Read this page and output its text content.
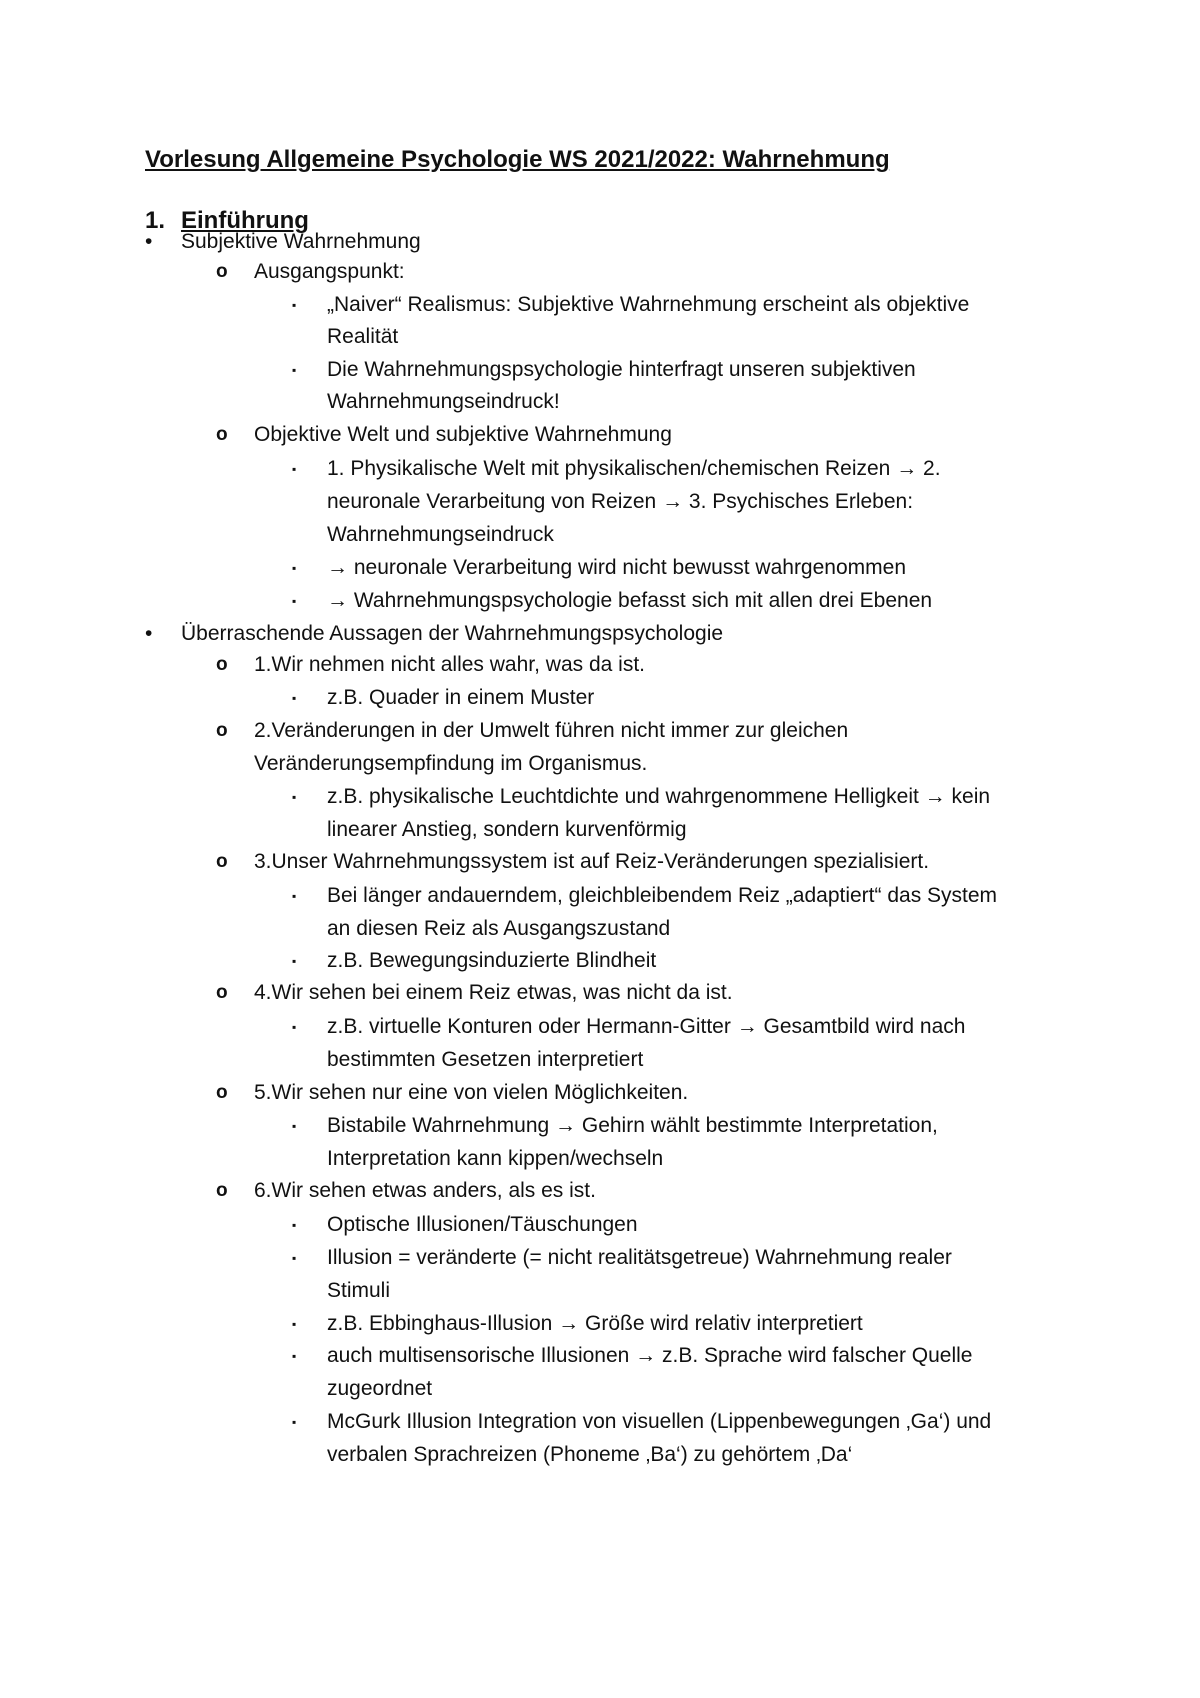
Vorlesung Allgemeine Psychologie WS 2021/2022: Wahrnehmung
1. Einführung
• Subjektive Wahrnehmung
o Ausgangspunkt:
▪ „Naiver“ Realismus: Subjektive Wahrnehmung erscheint als objektive
Realität
▪ Die Wahrnehmungspsychologie hinterfragt unseren subjektiven
Wahrnehmungseindruck!
o Objektive Welt und subjektive Wahrnehmung
▪ 1. Physikalische Welt mit physikalischen/chemischen Reizen → 2.
neuronale Verarbeitung von Reizen → 3. Psychisches Erleben:
Wahrnehmungseindruck
▪ → neuronale Verarbeitung wird nicht bewusst wahrgenommen
▪ → Wahrnehmungspsychologie befasst sich mit allen drei Ebenen
• Überraschende Aussagen der Wahrnehmungspsychologie
o 1.Wir nehmen nicht alles wahr, was da ist.
▪ z.B. Quader in einem Muster
o 2.Veränderungen in der Umwelt führen nicht immer zur gleichen
Veränderungsempfindung im Organismus.
▪ z.B. physikalische Leuchtdichte und wahrgenommene Helligkeit → kein
linearer Anstieg, sondern kurvenförmig
o 3.Unser Wahrnehmungssystem ist auf Reiz-Veränderungen spezialisiert.
▪ Bei länger andauerndem, gleichbleibendem Reiz „adaptiert“ das System
an diesen Reiz als Ausgangszustand
▪ z.B. Bewegungsinduzierte Blindheit
o 4.Wir sehen bei einem Reiz etwas, was nicht da ist.
▪ z.B. virtuelle Konturen oder Hermann-Gitter → Gesamtbild wird nach
bestimmten Gesetzen interpretiert
o 5.Wir sehen nur eine von vielen Möglichkeiten.
▪ Bistabile Wahrnehmung → Gehirn wählt bestimmte Interpretation,
Interpretation kann kippen/wechseln
o 6.Wir sehen etwas anders, als es ist.
▪ Optische Illusionen/Täuschungen
▪ Illusion = veränderte (= nicht realitätsgetreue) Wahrnehmung realer
Stimuli
▪ z.B. Ebbinghaus-Illusion → Größe wird relativ interpretiert
▪ auch multisensorische Illusionen → z.B. Sprache wird falscher Quelle
zugeordnet
▪ McGurk Illusion Integration von visuellen (Lippenbewegungen ‚Ga‘) und
verbalen Sprachreizen (Phoneme ‚Ba‘) zu gehörtem ‚Da‘
